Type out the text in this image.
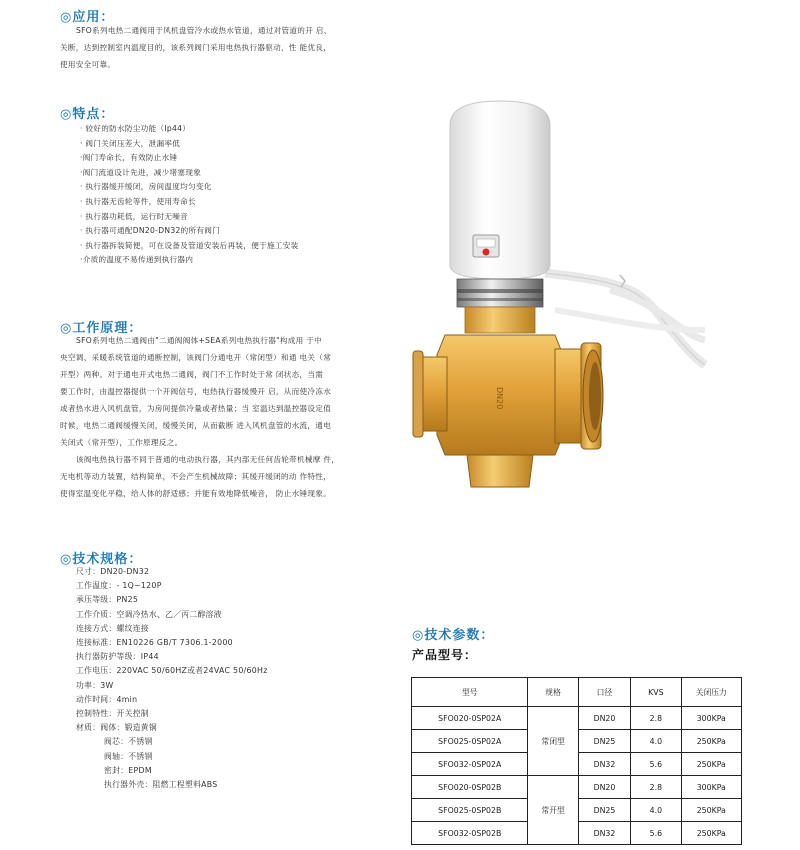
◎应用：

SFO系列电热二通阀用于风机盘管冷水或热水管道，通过对管道的开 启、

关断，达到控制室内温度目的，该系列阀门采用电热执行器驱动，性 能优良，

使用安全可靠。

◎特点：
· 较好的防水防尘功能（Ip44）
· 阀门关闭压差大，泄漏率低
·阀门寿命长，有效防止水锤
·阀门流道设计先进，减少堵塞现象
· 执行器缓开缓闭，房间温度均匀变化
· 执行器无齿轮等件，使用寿命长
· 执行器功耗低，运行时无噪音
· 执行器可通配DN20-DN32的所有阀门
· 执行器拆装简便，可在设备及管道安装后再装，便于施工安装
·介质的温度不易传递到执行器内
DN20
◎工作原理：

SFO系列电热二通阀由"二通阀阀体+SEA系列电热执行器"构成用 于中

央空调、采暖系统管道的通断控制，该阀门分通电开（常闭型）和通 电关（常

开型）两种。对于通电开式电热二通阀，阀门不工作时处于常 闭状态，当需

要工作时，由温控器提供一个开阀信号，电热执行器缓慢开 启，从而使冷冻水

或者热水进入风机盘管，为房间提供冷量或者热量；当 室温达到温控器设定值

时候，电热二通阀缓慢关闭，缓慢关闭，从而截断 进入风机盘管的水流，通电

关闭式（常开型），工作原理反之。

该阀电热执行器不同于普通的电动执行器，其内部无任何齿轮带机械摩 件，

无电机等动力装置，结构简单，不会产生机械故障；其缓开缓闭的动 作特性，

使得室温变化平稳，给人体的舒适感；并能有效地降低噪音， 防止水锤现象。

◎技术规格：
尺寸：DN20-DN32
工作温度：- 1Q~120P
承压等级：PN25
工作介质：空调冷热水、乙／丙二醇溶液
连接方式：螺纹连接
连接标准：EN10226 GB/T 7306.1-2000
执行器防护等级：IP44
工作电压：220VAC 50/60HZ或者24VAC 50/60Hz
功率：3W
动作时间：4min
控制特性：开关控制
材质：阀体：锻造黄铜
阀芯：不锈钢
阀轴：不锈钢
密封：EPDM
执行器外壳：阻燃工程塑料ABS
◎技术参数：
产品型号：
型号	规格	口径	KVS	关闭压力
SFO020-0SP02A	常闭型	DN20	2.8	300KPa
SFO025-0SP02A		DN25	4.0	250KPa
SFO032-0SP02A		DN32	5.6	250KPa
SFO020-0SP02B	常开型	DN20	2.8	300KPa
SFO025-0SP02B		DN25	4.0	250KPa
SFO032-0SP02B		DN32	5.6	250KPa
